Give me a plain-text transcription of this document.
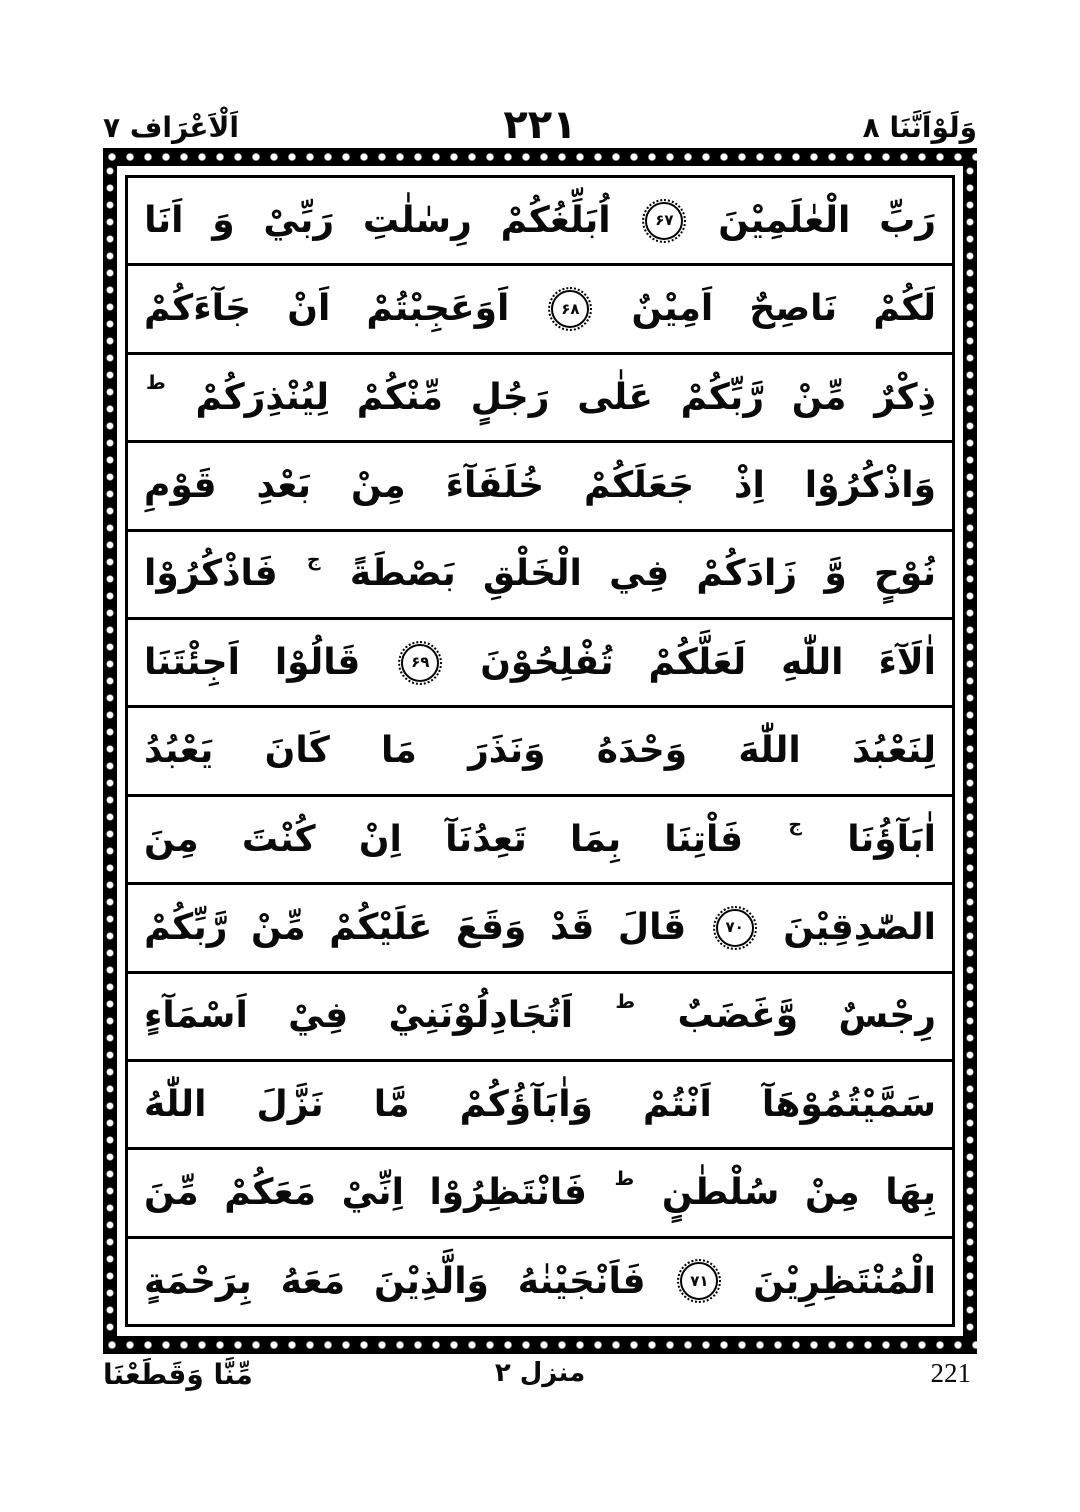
اَلْاَعْرَاف ٧	٢٢١	وَلَوْاَنَّنَا ٨
رَبِّ
الْعٰلَمِيْنَ
۶۷
اُبَلِّغُكُمْ
رِسٰلٰتِ
رَبِّيْ
وَ
اَنَا
لَكُمْ
نَاصِحٌ
اَمِيْنٌ
۶۸
اَوَعَجِبْتُمْ
اَنْ
جَآءَكُمْ
ذِكْرٌ
مِّنْ
رَّبِّكُمْ
عَلٰى
رَجُلٍ
مِّنْكُمْ
لِيُنْذِرَكُمْ
ط
وَاذْكُرُوْا
اِذْ
جَعَلَكُمْ
خُلَفَآءَ
مِنْ
بَعْدِ
قَوْمِ
نُوْحٍ
وَّ
زَادَكُمْ
فِي
الْخَلْقِ
بَصْطَةً
ج
فَاذْكُرُوْا
اٰلَآءَ
اللّٰهِ
لَعَلَّكُمْ
تُفْلِحُوْنَ
۶۹
قَالُوْا
اَجِئْتَنَا
لِنَعْبُدَ
اللّٰهَ
وَحْدَهُ
وَنَذَرَ
مَا
كَانَ
يَعْبُدُ
اٰبَآؤُنَا
ج
فَاْتِنَا
بِمَا
تَعِدُنَآ
اِنْ
كُنْتَ
مِنَ
الصّٰدِقِيْنَ
۷۰
قَالَ
قَدْ
وَقَعَ
عَلَيْكُمْ
مِّنْ
رَّبِّكُمْ
رِجْسٌ
وَّغَضَبٌ
ط
اَتُجَادِلُوْنَنِيْ
فِيْ
اَسْمَآءٍ
سَمَّيْتُمُوْهَآ
اَنْتُمْ
وَاٰبَآؤُكُمْ
مَّا
نَزَّلَ
اللّٰهُ
بِهَا
مِنْ
سُلْطٰنٍ
ط
فَانْتَظِرُوْا
اِنِّيْ
مَعَكُمْ
مِّنَ
الْمُنْتَظِرِيْنَ
۷۱
فَاَنْجَيْنٰهُ
وَالَّذِيْنَ
مَعَهُ
بِرَحْمَةٍ
مِّنَّا وَقَطَعْنَا	منزل ٢	221
